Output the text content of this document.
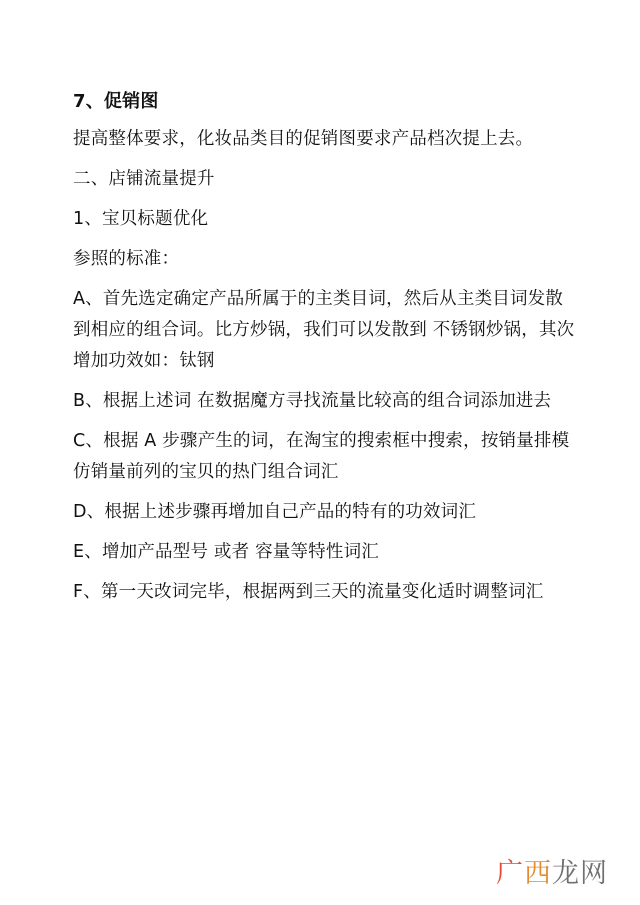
7、促销图
提高整体要求，化妆品类目的促销图要求产品档次提上去。
二、店铺流量提升
1、宝贝标题优化
参照的标准：
A、首先选定确定产品所属于的主类目词，然后从主类目词发散到相应的组合词。比方炒锅，我们可以发散到 不锈钢炒锅，其次增加功效如：钛钢
B、根据上述词 在数据魔方寻找流量比较高的组合词添加进去
C、根据 A 步骤产生的词，在淘宝的搜索框中搜索，按销量排模仿销量前列的宝贝的热门组合词汇
D、根据上述步骤再增加自己产品的特有的功效词汇
E、增加产品型号 或者 容量等特性词汇
F、第一天改词完毕，根据两到三天的流量变化适时调整词汇
广 西 龙网
